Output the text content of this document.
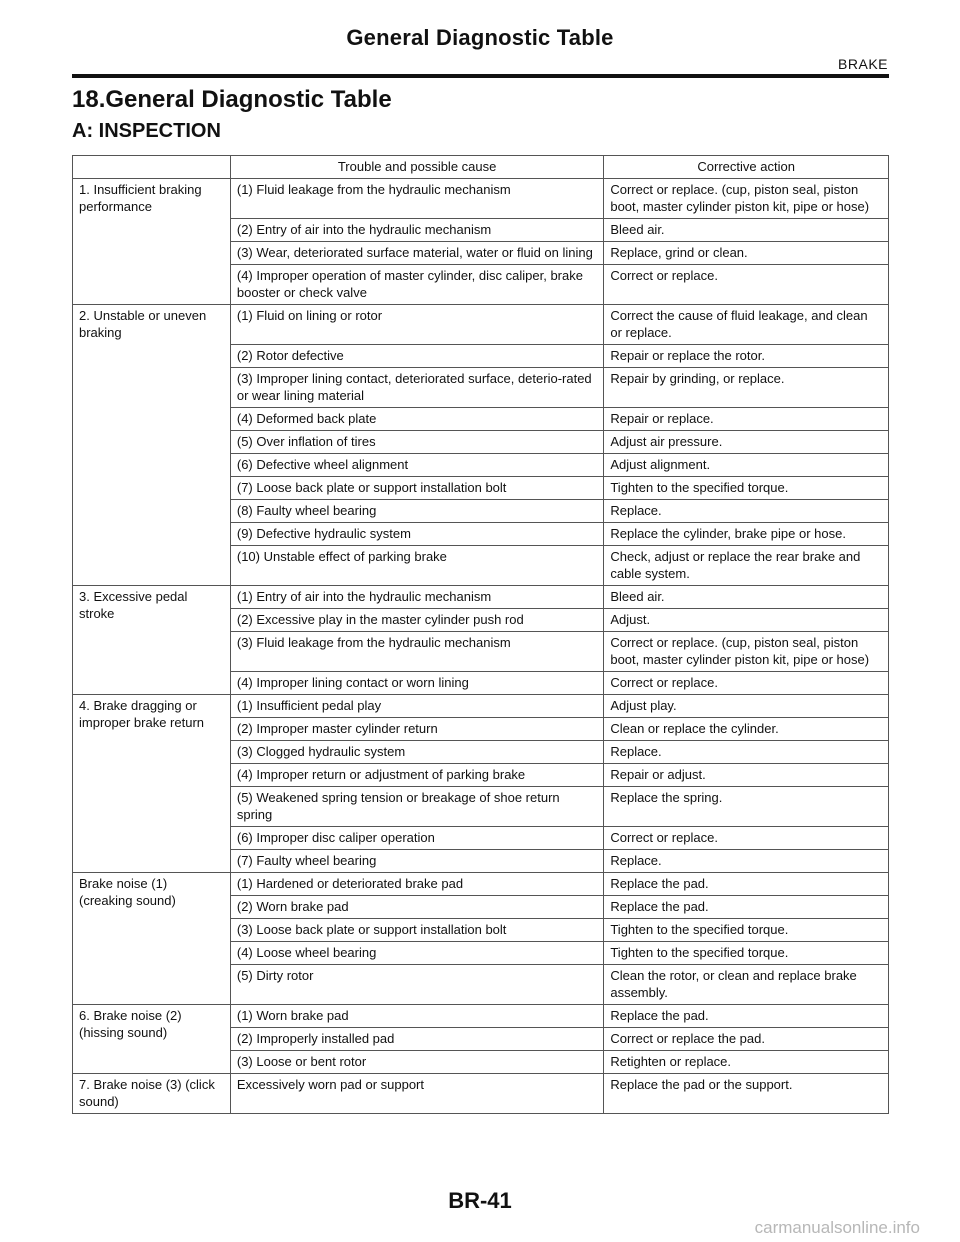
General Diagnostic Table
BRAKE
18.General Diagnostic Table
A: INSPECTION
	Trouble and possible cause	Corrective action
1. Insufficient braking performance	(1) Fluid leakage from the hydraulic mechanism	Correct or replace. (cup, piston seal, piston boot, master cylinder piston kit, pipe or hose)
	(2) Entry of air into the hydraulic mechanism	Bleed air.
	(3) Wear, deteriorated surface material, water or fluid on lining	Replace, grind or clean.
	(4) Improper operation of master cylinder, disc caliper, brake booster or check valve	Correct or replace.
2. Unstable or uneven braking	(1) Fluid on lining or rotor	Correct the cause of fluid leakage, and clean or replace.
	(2) Rotor defective	Repair or replace the rotor.
	(3) Improper lining contact, deteriorated surface, deterio-rated or wear lining material	Repair by grinding, or replace.
	(4) Deformed back plate	Repair or replace.
	(5) Over inflation of tires	Adjust air pressure.
	(6) Defective wheel alignment	Adjust alignment.
	(7) Loose back plate or support installation bolt	Tighten to the specified torque.
	(8) Faulty wheel bearing	Replace.
	(9) Defective hydraulic system	Replace the cylinder, brake pipe or hose.
	(10) Unstable effect of parking brake	Check, adjust or replace the rear brake and cable system.
3. Excessive pedal stroke	(1) Entry of air into the hydraulic mechanism	Bleed air.
	(2) Excessive play in the master cylinder push rod	Adjust.
	(3) Fluid leakage from the hydraulic mechanism	Correct or replace. (cup, piston seal, piston boot, master cylinder piston kit, pipe or hose)
	(4) Improper lining contact or worn lining	Correct or replace.
4. Brake dragging or improper brake return	(1) Insufficient pedal play	Adjust play.
	(2) Improper master cylinder return	Clean or replace the cylinder.
	(3) Clogged hydraulic system	Replace.
	(4) Improper return or adjustment of parking brake	Repair or adjust.
	(5) Weakened spring tension or breakage of shoe return spring	Replace the spring.
	(6) Improper disc caliper operation	Correct or replace.
	(7) Faulty wheel bearing	Replace.
Brake noise (1) (creaking sound)	(1) Hardened or deteriorated brake pad	Replace the pad.
	(2) Worn brake pad	Replace the pad.
	(3) Loose back plate or support installation bolt	Tighten to the specified torque.
	(4) Loose wheel bearing	Tighten to the specified torque.
	(5) Dirty rotor	Clean the rotor, or clean and replace brake assembly.
6. Brake noise (2) (hissing sound)	(1) Worn brake pad	Replace the pad.
	(2) Improperly installed pad	Correct or replace the pad.
	(3) Loose or bent rotor	Retighten or replace.
7. Brake noise (3) (click sound)	Excessively worn pad or support	Replace the pad or the support.
BR-41
carmanualsonline.info
